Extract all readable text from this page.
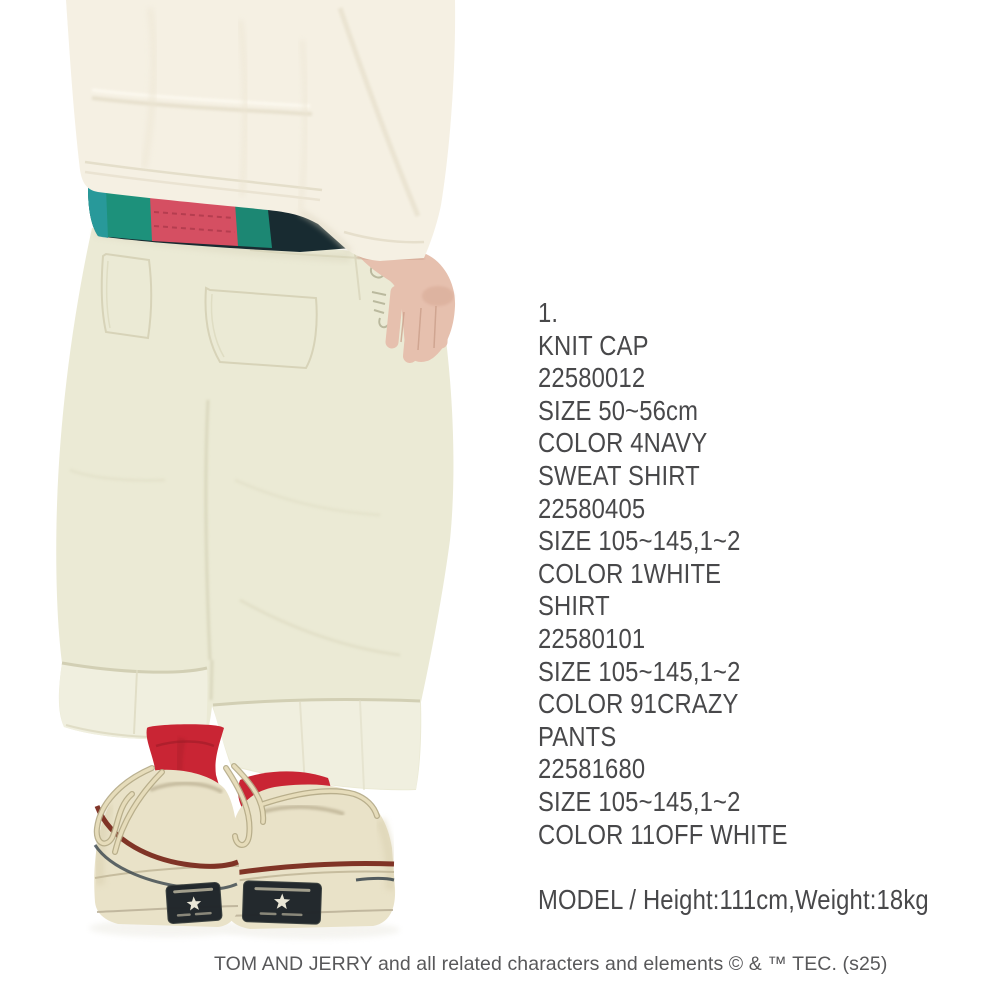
1.
KNIT CAP
22580012
SIZE 50~56cm
COLOR 4NAVY
SWEAT SHIRT
22580405
SIZE 105~145,1~2
COLOR 1WHITE
SHIRT
22580101
SIZE 105~145,1~2
COLOR 91CRAZY
PANTS
22581680
SIZE 105~145,1~2
COLOR 11OFF WHITE
MODEL / Height:111cm,Weight:18kg
TOM AND JERRY and all related characters and elements © & ™ TEC. (s25)
